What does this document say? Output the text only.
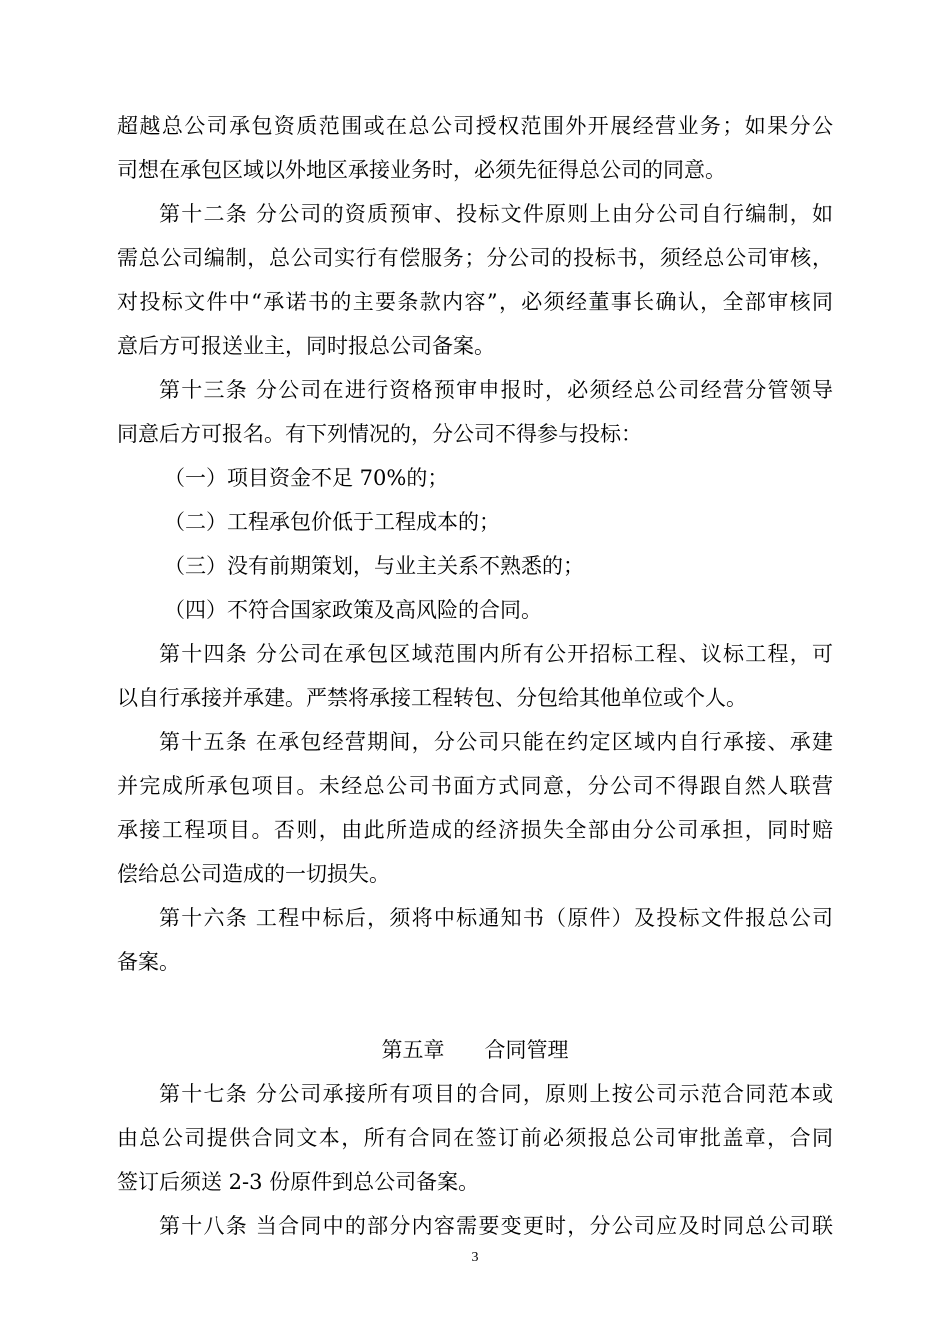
超越总公司承包资质范围或在总公司授权范围外开展经营业务；如果分公
司想在承包区域以外地区承接业务时，必须先征得总公司的同意。
第十二条 分公司的资质预审、投标文件原则上由分公司自行编制，如
需总公司编制，总公司实行有偿服务；分公司的投标书，须经总公司审核，
对投标文件中“承诺书的主要条款内容”，必须经董事长确认，全部审核同
意后方可报送业主，同时报总公司备案。
第十三条 分公司在进行资格预审申报时，必须经总公司经营分管领导
同意后方可报名。有下列情况的，分公司不得参与投标：
（一）项目资金不足 70%的；
（二）工程承包价低于工程成本的；
（三）没有前期策划，与业主关系不熟悉的；
（四）不符合国家政策及高风险的合同。
第十四条 分公司在承包区域范围内所有公开招标工程、议标工程，可
以自行承接并承建。严禁将承接工程转包、分包给其他单位或个人。
第十五条 在承包经营期间，分公司只能在约定区域内自行承接、承建
并完成所承包项目。未经总公司书面方式同意，分公司不得跟自然人联营
承接工程项目。否则，由此所造成的经济损失全部由分公司承担，同时赔
偿给总公司造成的一切损失。
第十六条 工程中标后，须将中标通知书（原件）及投标文件报总公司
备案。
第五章      合同管理
第十七条 分公司承接所有项目的合同，原则上按公司示范合同范本或
由总公司提供合同文本，所有合同在签订前必须报总公司审批盖章，合同
签订后须送 2-3 份原件到总公司备案。
第十八条 当合同中的部分内容需要变更时，分公司应及时同总公司联
3
